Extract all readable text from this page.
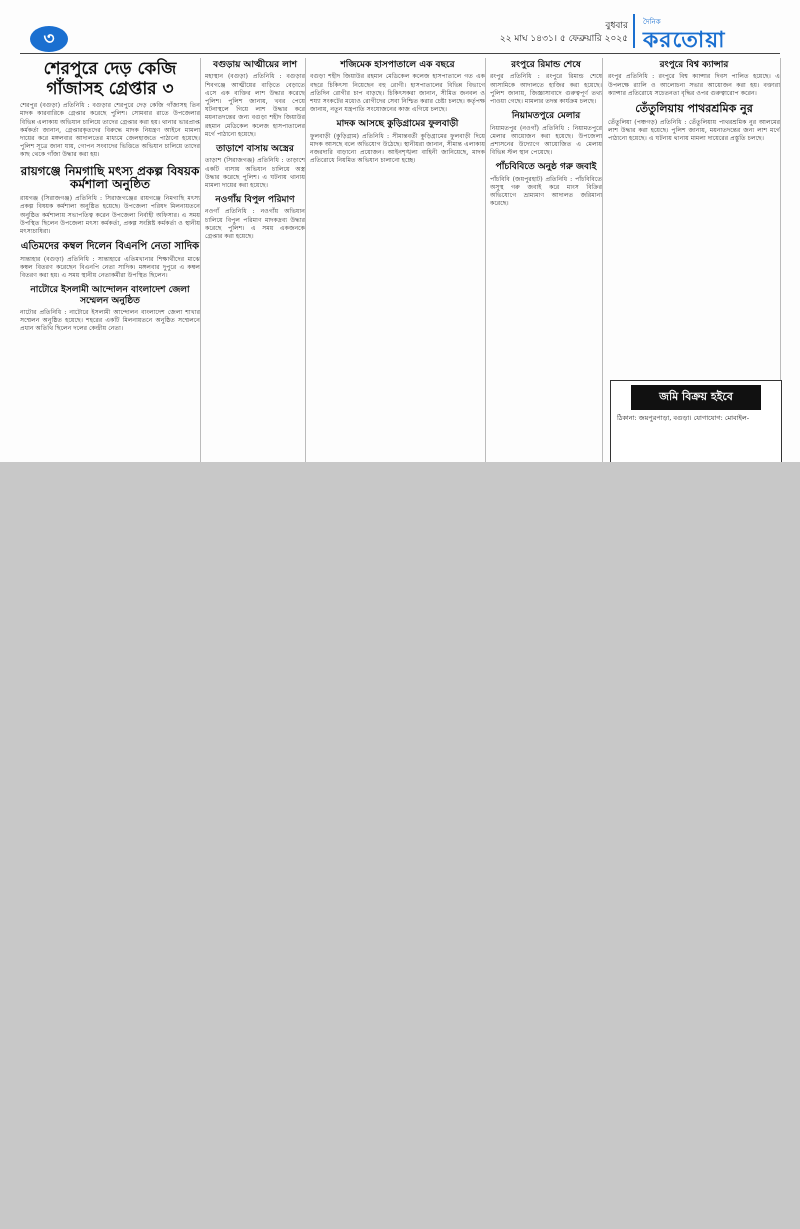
৩
বুধবার
২২ মাঘ ১৪৩১। ৫ ফেব্রুয়ারি ২০২৫
দৈনিক
করতোয়া
শেরপুরে দেড় কেজি গাঁজাসহ গ্রেপ্তার ৩

শেরপুর (বগুড়া) প্রতিনিধি : বগুড়ার শেরপুরে দেড় কেজি গাঁজাসহ তিন মাদক কারবারিকে গ্রেপ্তার করেছে পুলিশ। সোমবার রাতে উপজেলার বিভিন্ন এলাকায় অভিযান চালিয়ে তাদের গ্রেপ্তার করা হয়। থানার ভারপ্রাপ্ত কর্মকর্তা জানান, গ্রেপ্তারকৃতদের বিরুদ্ধে মাদক নিয়ন্ত্রণ আইনে মামলা দায়ের করে মঙ্গলবার আদালতের মাধ্যমে জেলহাজতে পাঠানো হয়েছে। পুলিশ সূত্রে জানা যায়, গোপন সংবাদের ভিত্তিতে অভিযান চালিয়ে তাদের কাছ থেকে গাঁজা উদ্ধার করা হয়।

রায়গঞ্জে নিমগাছি মৎস্য প্রকল্প বিষয়ক কর্মশালা অনুষ্ঠিত

রায়গঞ্জ (সিরাজগঞ্জ) প্রতিনিধি : সিরাজগঞ্জের রায়গঞ্জে নিমগাছি মৎস্য প্রকল্প বিষয়ক কর্মশালা অনুষ্ঠিত হয়েছে। উপজেলা পরিষদ মিলনায়তনে অনুষ্ঠিত কর্মশালায় সভাপতিত্ব করেন উপজেলা নির্বাহী অফিসার। এ সময় উপস্থিত ছিলেন উপজেলা মৎস্য কর্মকর্তা, প্রকল্প সংশ্লিষ্ট কর্মকর্তা ও স্থানীয় মৎস্যচাষিরা।

এতিমদের কম্বল দিলেন বিএনপি নেতা সাদিক

সান্তাহার (বগুড়া) প্রতিনিধি : সান্তাহারে এতিমখানার শিক্ষার্থীদের মাঝে কম্বল বিতরণ করেছেন বিএনপি নেতা সাদিক। মঙ্গলবার দুপুরে এ কম্বল বিতরণ করা হয়। এ সময় স্থানীয় নেতাকর্মীরা উপস্থিত ছিলেন।

নাটোরে ইসলামী আন্দোলন বাংলাদেশ জেলা সম্মেলন অনুষ্ঠিত

নাটোর প্রতিনিধি : নাটোরে ইসলামী আন্দোলন বাংলাদেশ জেলা শাখার সম্মেলন অনুষ্ঠিত হয়েছে। শহরের একটি মিলনায়তনে অনুষ্ঠিত সম্মেলনে প্রধান অতিথি ছিলেন দলের কেন্দ্রীয় নেতা।

বগুড়ায় আত্মীয়ের লাশ

মহাস্থান (বগুড়া) প্রতিনিধি : বগুড়ার শিবগঞ্জে আত্মীয়ের বাড়িতে বেড়াতে এসে এক ব্যক্তির লাশ উদ্ধার করেছে পুলিশ। পুলিশ জানায়, খবর পেয়ে ঘটনাস্থলে গিয়ে লাশ উদ্ধার করে ময়নাতদন্তের জন্য বগুড়া শহীদ জিয়াউর রহমান মেডিকেল কলেজ হাসপাতালের মর্গে পাঠানো হয়েছে।

তাড়াশে বাসায় অস্ত্রের

তাড়াশ (সিরাজগঞ্জ) প্রতিনিধি : তাড়াশে একটি বাসায় অভিযান চালিয়ে অস্ত্র উদ্ধার করেছে পুলিশ। এ ঘটনায় থানায় মামলা দায়ের করা হয়েছে।

নওগাঁয় বিপুল পরিমাণ

নওগাঁ প্রতিনিধি : নওগাঁয় অভিযান চালিয়ে বিপুল পরিমাণ মাদকদ্রব্য উদ্ধার করেছে পুলিশ। এ সময় একজনকে গ্রেপ্তার করা হয়েছে।

শজিমেক হাসপাতালে এক বছরে

বগুড়া শহীদ জিয়াউর রহমান মেডিকেল কলেজ হাসপাতালে গত এক বছরে চিকিৎসা নিয়েছেন বহু রোগী। হাসপাতালের বিভিন্ন বিভাগে প্রতিদিন রোগীর চাপ বাড়ছে। চিকিৎসকরা জানান, সীমিত জনবল ও শয্যা সংকটের মধ্যেও রোগীদের সেবা নিশ্চিত করার চেষ্টা চলছে। কর্তৃপক্ষ জানায়, নতুন যন্ত্রপাতি সংযোজনের কাজ এগিয়ে চলছে।

মাদক আসছে কুড়িগ্রামের ফুলবাড়ী

ফুলবাড়ী (কুড়িগ্রাম) প্রতিনিধি : সীমান্তবর্তী কুড়িগ্রামের ফুলবাড়ী দিয়ে মাদক আসছে বলে অভিযোগ উঠেছে। স্থানীয়রা জানান, সীমান্ত এলাকায় নজরদারি বাড়ানো প্রয়োজন। আইনশৃঙ্খলা বাহিনী জানিয়েছে, মাদক প্রতিরোধে নিয়মিত অভিযান চালানো হচ্ছে।

রংপুরে রিমান্ড শেষে

রংপুর প্রতিনিধি : রংপুরে রিমান্ড শেষে আসামিকে আদালতে হাজির করা হয়েছে। পুলিশ জানায়, জিজ্ঞাসাবাদে গুরুত্বপূর্ণ তথ্য পাওয়া গেছে। মামলার তদন্ত কার্যক্রম চলছে।

নিয়ামতপুরে মেলার

নিয়ামতপুর (নওগাঁ) প্রতিনিধি : নিয়ামতপুরে মেলার আয়োজন করা হয়েছে। উপজেলা প্রশাসনের উদ্যোগে আয়োজিত এ মেলায় বিভিন্ন স্টল স্থান পেয়েছে।

পাঁচবিবিতে অনুষ্ঠ গরু জবাই

পাঁচবিবি (জয়পুরহাট) প্রতিনিধি : পাঁচবিবিতে অসুস্থ গরু জবাই করে মাংস বিক্রির অভিযোগে ভ্রাম্যমাণ আদালত জরিমানা করেছে।

রংপুরে বিশ্ব ক্যান্সার

রংপুর প্রতিনিধি : রংপুরে বিশ্ব ক্যান্সার দিবস পালিত হয়েছে। এ উপলক্ষে র‍্যালি ও আলোচনা সভার আয়োজন করা হয়। বক্তারা ক্যান্সার প্রতিরোধে সচেতনতা বৃদ্ধির ওপর গুরুত্বারোপ করেন।

তেঁতুলিয়ায় পাথরশ্রমিক নুর

তেঁতুলিয়া (পঞ্চগড়) প্রতিনিধি : তেঁতুলিয়ায় পাথরশ্রমিক নুর আলমের লাশ উদ্ধার করা হয়েছে। পুলিশ জানায়, ময়নাতদন্তের জন্য লাশ মর্গে পাঠানো হয়েছে। এ ঘটনায় থানায় মামলা দায়েরের প্রস্তুতি চলছে।

জমি বিক্রয় হইবে
ঠিকানা: জয়পুরপাড়া, বগুড়া। যোগাযোগ: মোবাইল-
